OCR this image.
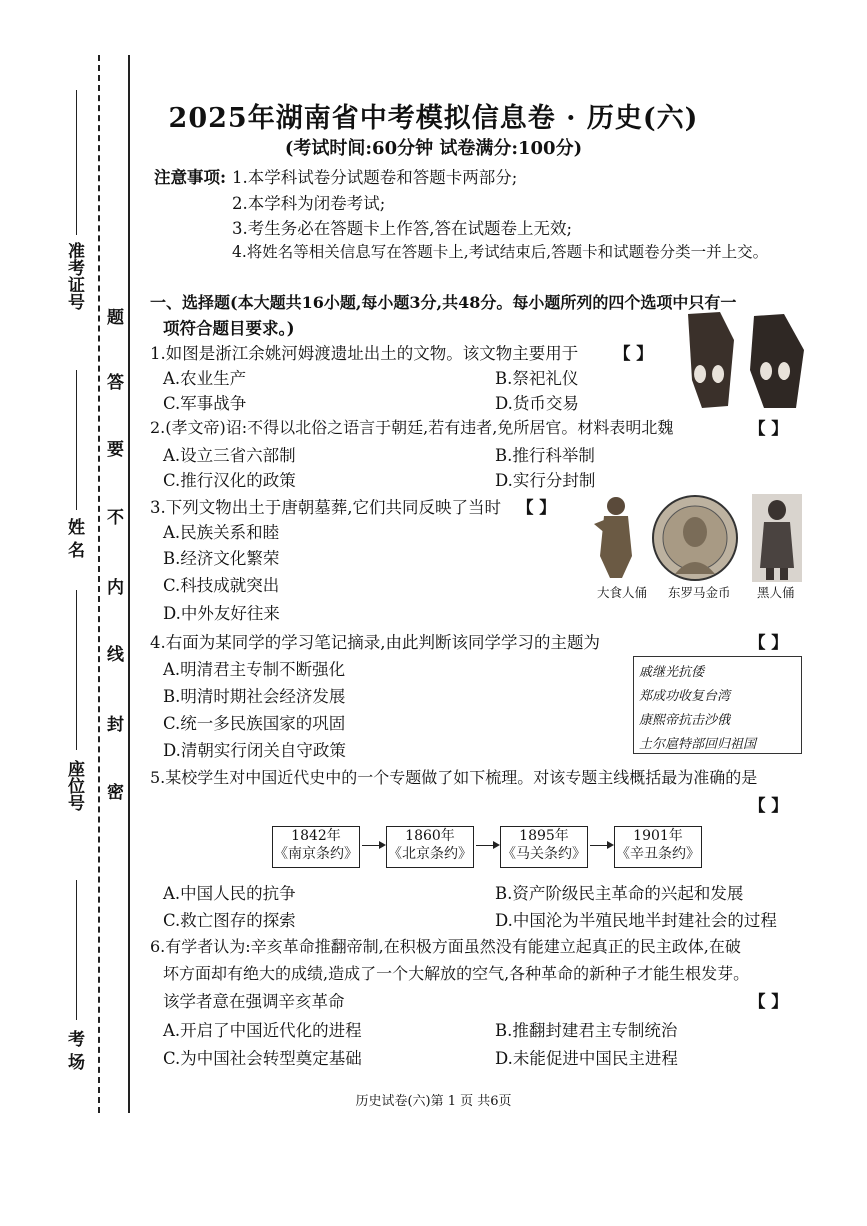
准考证号
姓 名
座位号
考 场
题
答
要
不
内
线
封
密
2025年湖南省中考模拟信息卷 · 历史(六)
(考试时间:60分钟 试卷满分:100分)
注意事项: 1.本学科试卷分试题卷和答题卡两部分;
2.本学科为闭卷考试;
3.考生务必在答题卡上作答,答在试题卷上无效;
4.将姓名等相关信息写在答题卡上,考试结束后,答题卡和试题卷分类一并上交。
一、选择题(本大题共16小题,每小题3分,共48分。每小题所列的四个选项中只有一
项符合题目要求。)
1.如图是浙江余姚河姆渡遗址出土的文物。该文物主要用于 【 】
A.农业生产	B.祭祀礼仪
C.军事战争	D.货币交易
2.(孝文帝)诏:不得以北俗之语言于朝廷,若有违者,免所居官。材料表明北魏	【 】
A.设立三省六部制	B.推行科举制
C.推行汉化的政策	D.实行分封制
3.下列文物出土于唐朝墓葬,它们共同反映了当时 【 】
A.民族关系和睦
B.经济文化繁荣
C.科技成就突出
D.中外友好往来
大食人俑 东罗马金币 黑人俑
4.右面为某同学的学习笔记摘录,由此判断该同学学习的主题为	【 】
A.明清君主专制不断强化
B.明清时期社会经济发展
C.统一多民族国家的巩固
D.清朝实行闭关自守政策
戚继光抗倭
郑成功收复台湾
康熙帝抗击沙俄
土尔扈特部回归祖国
5.某校学生对中国近代史中的一个专题做了如下梳理。对该专题主线概括最为准确的是
【 】
1842年
《南京条约》
1860年
《北京条约》
1895年
《马关条约》
1901年
《辛丑条约》
A.中国人民的抗争	B.资产阶级民主革命的兴起和发展
C.救亡图存的探索	D.中国沦为半殖民地半封建社会的过程
6.有学者认为:辛亥革命推翻帝制,在积极方面虽然没有能建立起真正的民主政体,在破
坏方面却有绝大的成绩,造成了一个大解放的空气,各种革命的新种子才能生根发芽。
该学者意在强调辛亥革命	【 】
A.开启了中国近代化的进程	B.推翻封建君主专制统治
C.为中国社会转型奠定基础	D.未能促进中国民主进程
历史试卷(六)第 1 页 共6页
